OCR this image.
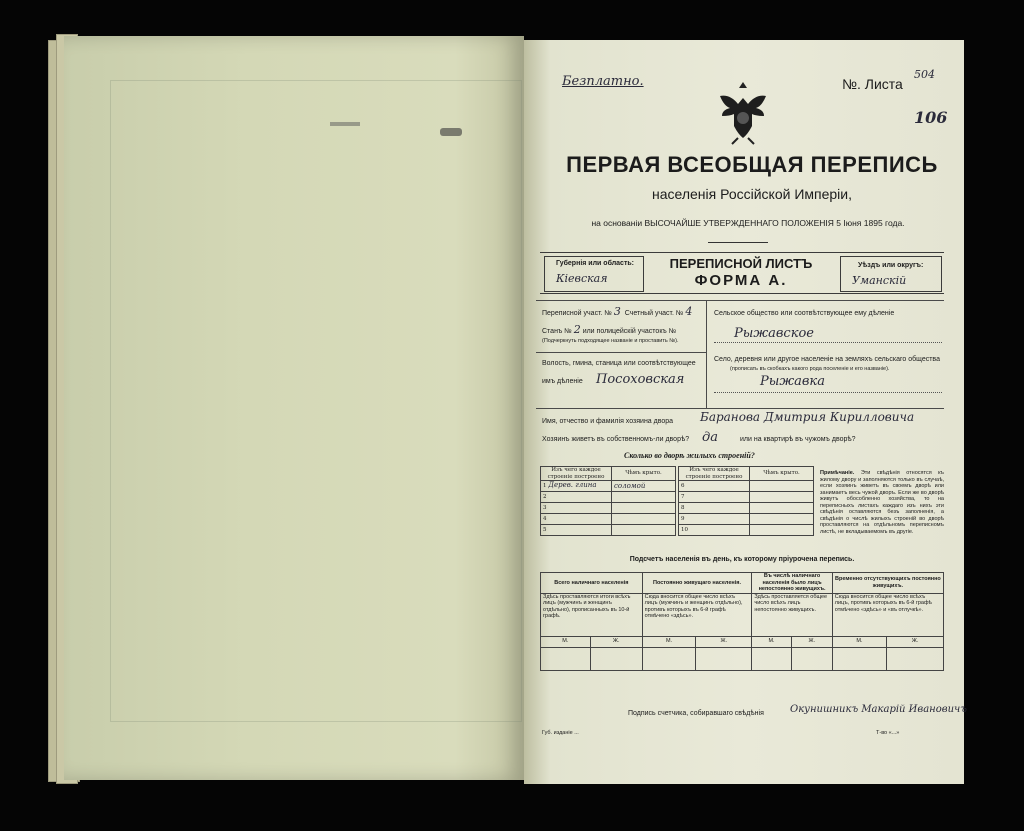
Безплатно.	№. Листа
504
106
ПЕРВАЯ ВСЕОБЩАЯ ПЕРЕПИСЬ
населенія Россійской Имперіи,
на основаніи ВЫСОЧАЙШЕ УТВЕРЖДЕННАГО ПОЛОЖЕНІЯ 5 Іюня 1895 года.
Губернія или область:
Кіевская
ПЕРЕПИСНОЙ ЛИСТЪ
ФОРМА А.
Уѣздъ или округъ:
Уманскій
Переписной участ. № 3 Счетный участ. № 4
Станъ № 2 или полицейскій участокъ №
(Подчеркнуть подходящее названіе и проставить №).
Волость, гмина, станица или соотвѣтствующее
имъ дѣленіе Посоховская
Сельское общество или соотвѣтствующее ему дѣленіе
Рыжавское
Село, деревня или другое населеніе на земляхъ сельскаго общества
(прописать въ скобкахъ какого рода поселеніе и его названіе).
Рыжавка
Имя, отчество и фамилія хозяина двора Баранова Дмитрия Кирилловича
Хозяинъ живетъ въ собственномъ-ли дворѣ? да	или на квартирѣ въ чужомъ дворѣ?
Сколько во дворѣ жилыхъ строеній?
Изъ чего каждое строеніе построено	Чѣмъ крыто.
1 Дерев. глина	соломой
2	
3	
4	
5	
Изъ чего каждое строеніе построено	Чѣмъ крыто.
6	
7	
8	
9	
10	
Примѣчаніе. Эти свѣдѣнія относятся къ жилому двору и заполняются только въ случаѣ, если хозяинъ живетъ въ своемъ дворѣ или занимаетъ весь чужой дворъ. Если же во дворѣ живутъ обособленно хозяйства, то на переписныхъ листахъ каждаго изъ нихъ эти свѣдѣнія оставляются безъ заполненія, а свѣдѣнія о числѣ жилыхъ строеній во дворѣ проставляются на отдѣльномъ переписномъ листѣ, не вкладываемомъ въ другіе.
Подсчетъ населенія въ день, къ которому пріурочена перепись.
Всего наличнаго населенія		Постоянно живущаго населенія.		Въ числѣ наличнаго населенія было лицъ непостоянно живущихъ.		Временно отсутствующихъ постоянно живущихъ.	
Здѣсь проставляются итоги всѣхъ лицъ (мужчинъ и женщинъ отдѣльно), прописанныхъ въ 10-й графѣ.		Сюда вносится общее число всѣхъ лицъ (мужчинъ и женщинъ отдѣльно), противъ которыхъ въ 6-й графѣ отмѣчено «здѣсь».		Здѣсь проставляется общее число всѣхъ лицъ непостоянно живущихъ.		Сюда вносится общее число всѣхъ лицъ, противъ которыхъ въ 6-й графѣ отмѣчено «здѣсь» и «въ отлучкѣ».	
М.	Ж.	М.	Ж.	М.	Ж.	М.	Ж.

Подпись счетчика, собиравшаго свѣдѣнія	Окунишникъ Макарій Ивановичъ
Губ. изданіе ...	Т-во «...»
